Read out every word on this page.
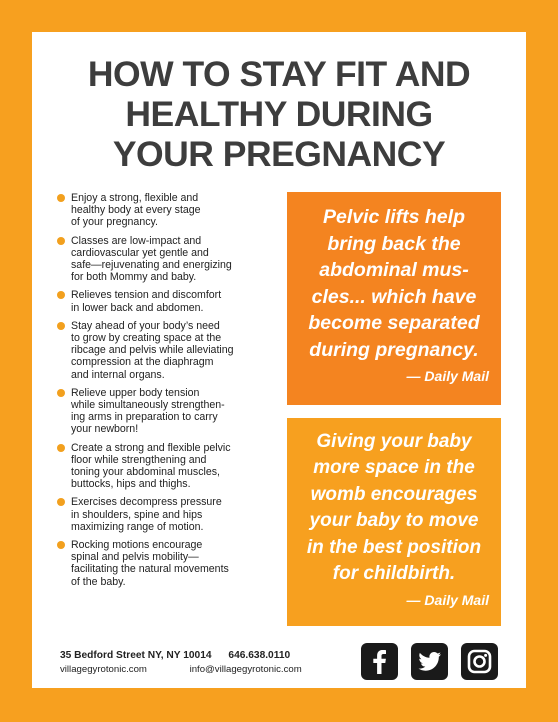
HOW TO STAY FIT AND
HEALTHY DURING
YOUR PREGNANCY
Enjoy a strong, flexible and
healthy body at every stage
of your pregnancy.
Classes are low-impact and
cardiovascular yet gentle and
safe—rejuvenating and energizing
for both Mommy and baby.
Relieves tension and discomfort
in lower back and abdomen.
Stay ahead of your body’s need
to grow by creating space at the
ribcage and pelvis while alleviating
compression at the diaphragm
and internal organs.
Relieve upper body tension
while simultaneously strengthen-
ing arms in preparation to carry
your newborn!
Create a strong and flexible pelvic
floor while strengthening and
toning your abdominal muscles,
buttocks, hips and thighs.
Exercises decompress pressure
in shoulders, spine and hips
maximizing range of motion.
Rocking motions encourage
spinal and pelvis mobility—
facilitating the natural movements
of the baby.
Pelvic lifts help
bring back the
abdominal mus-
cles... which have
become separated
during pregnancy.
— Daily Mail
Giving your baby
more space in the
womb encourages
your baby to move
in the best position
for childbirth.
— Daily Mail
35 Bedford Street NY, NY 10014 646.638.0110
villagegyrotonic.com	info@villagegyrotonic.com
